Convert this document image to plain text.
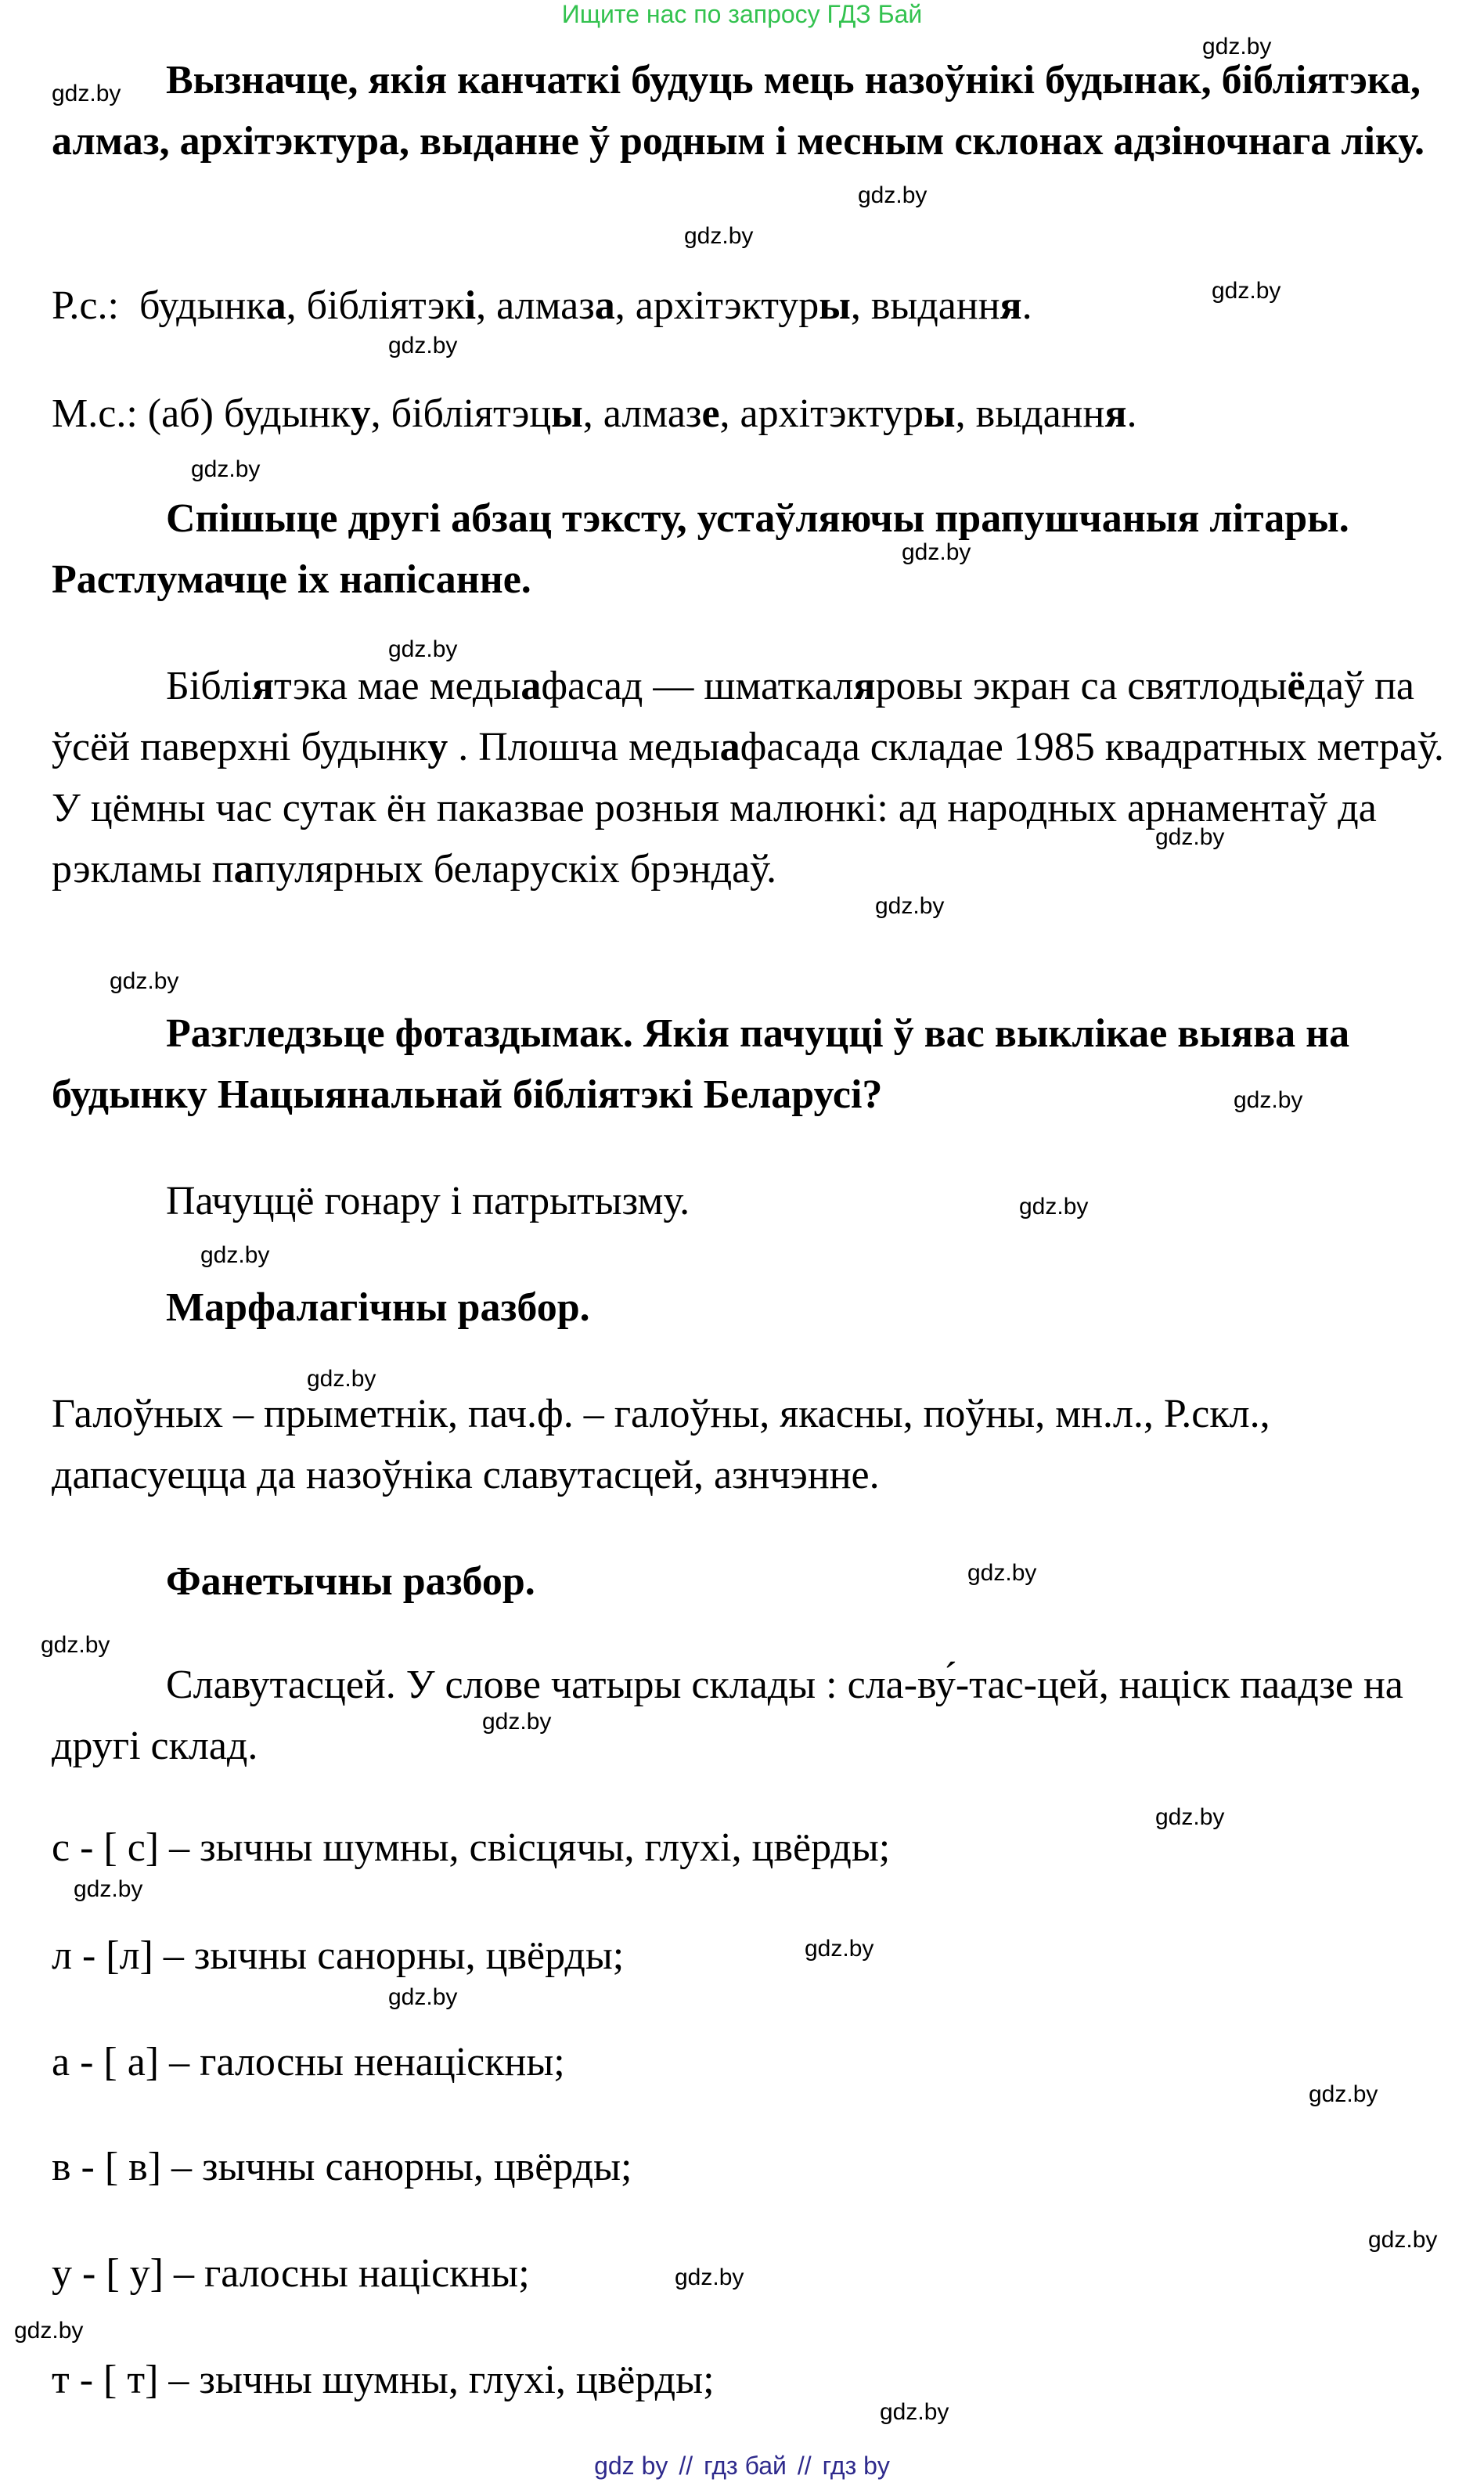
Ищите нас по запросу ГДЗ Бай

Вызначце, якія канчаткі будуць мець назоўнікі будынак, бібліятэка, алмаз, архітэктура, выданне ў родным і месным склонах адзіночнага ліку.

Р.с.: будынка, бібліятэкі, алмаза, архітэктуры, выдання.

М.с.: (аб) будынку, бібліятэцы, алмазе, архітэктуры, выдання.

Спішыце другі абзац тэксту, устаўляючы прапушчаныя літары. Растлумачце іх напісанне.

Бібліятэка мае медыафасад — шматкаляровы экран са святлодыёдаў па ўсёй паверхні будынку . Плошча медыафасада складае 1985 квадратных метраў. У цёмны час сутак ён паказвае розныя малюнкі: ад народных арнаментаў да рэкламы папулярных беларускіх брэндаў.

Разгледзьце фотаздымак. Якія пачуцці ў вас выклікае выява на будынку Нацыянальнай бібліятэкі Беларусі?

Пачуццё гонару і патрытызму.

Марфалагічны разбор.

Галоўных – прыметнік, пач.ф. – галоўны, якасны, поўны, мн.л., Р.скл., дапасуецца да назоўніка славутасцей, азнчэнне.

Фанетычны разбор.

Славутасцей. У слове чатыры склады : сла-ву́-тас-цей, націск паадзе на другі склад.

с - [ с] – зычны шумны, свісцячы, глухі, цвёрды;

л - [л] – зычны санорны, цвёрды;

а - [ а] – галосны ненаціскны;

в - [ в] – зычны санорны, цвёрды;

у - [ у] – галосны націскны;

т - [ т] – зычны шумны, глухі, цвёрды;

gdz.by
gdz.by
gdz.by
gdz.by
gdz.by
gdz.by
gdz.by
gdz.by
gdz.by
gdz.by
gdz.by
gdz.by
gdz.by
gdz.by
gdz.by
gdz.by
gdz.by
gdz.by
gdz.by
gdz.by
gdz.by
gdz.by
gdz.by
gdz.by
gdz.by
gdz.by
gdz.by
gdz.by
gdz by // гдз бай // гдз by
